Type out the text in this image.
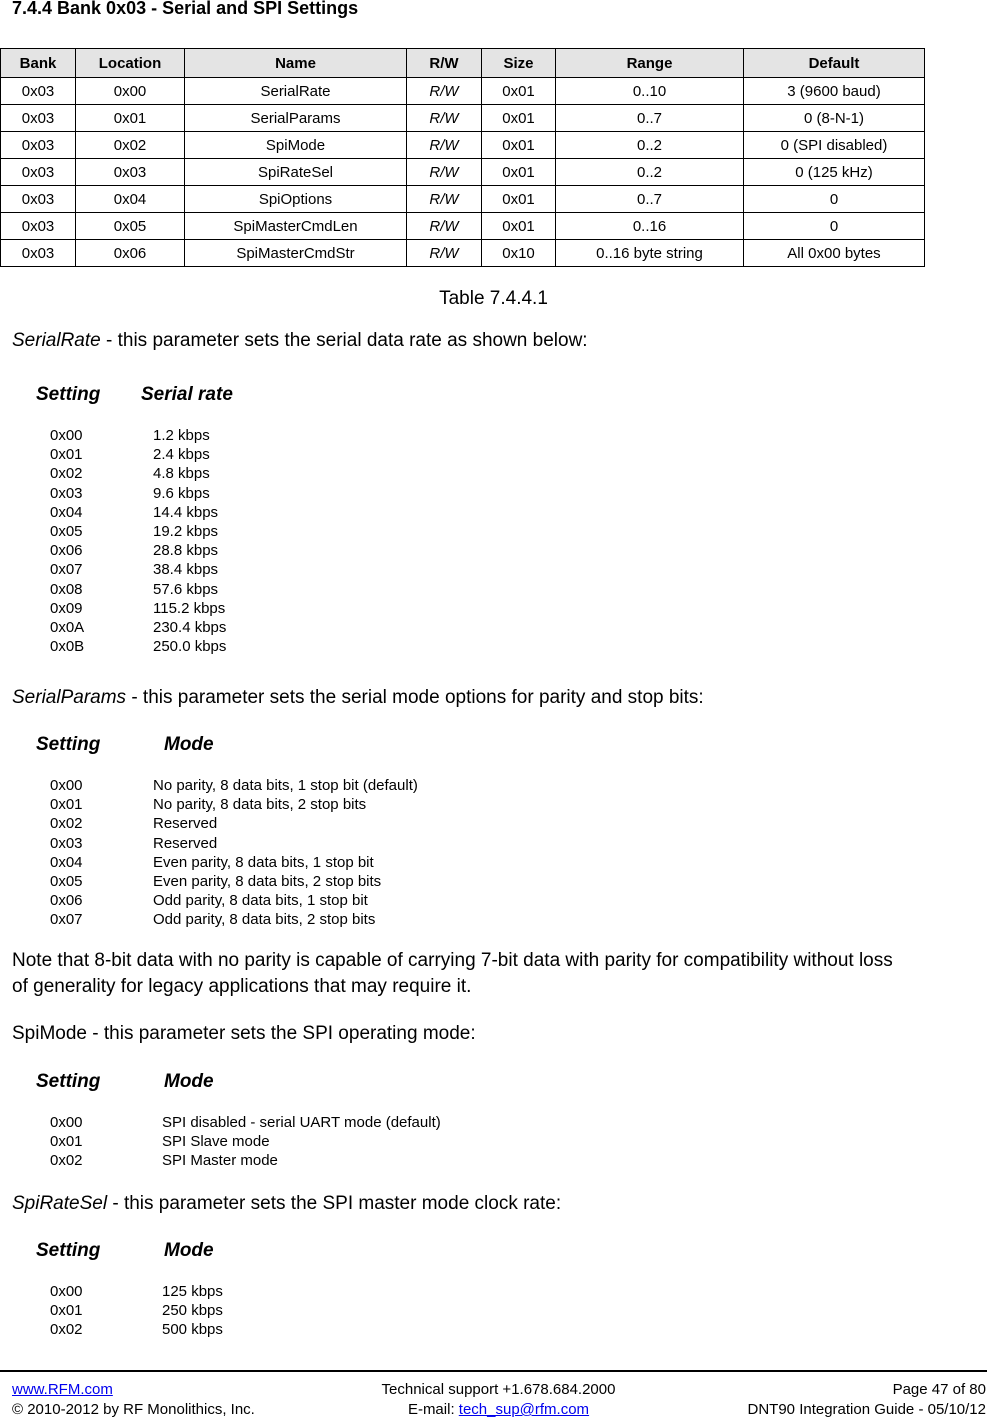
7.4.4 Bank 0x03 - Serial and SPI Settings
Bank	Location	Name	R/W	Size	Range	Default
0x03	0x00	SerialRate	R/W	0x01	0..10	3 (9600 baud)
0x03	0x01	SerialParams	R/W	0x01	0..7	0 (8-N-1)
0x03	0x02	SpiMode	R/W	0x01	0..2	0 (SPI disabled)
0x03	0x03	SpiRateSel	R/W	0x01	0..2	0 (125 kHz)
0x03	0x04	SpiOptions	R/W	0x01	0..7	0
0x03	0x05	SpiMasterCmdLen	R/W	0x01	0..16	0
0x03	0x06	SpiMasterCmdStr	R/W	0x10	0..16 byte string	All 0x00 bytes
Table 7.4.4.1
SerialRate - this parameter sets the serial data rate as shown below:
Setting Serial rate
0x00	1.2 kbps
0x01	2.4 kbps
0x02	4.8 kbps
0x03	9.6 kbps
0x04	14.4 kbps
0x05	19.2 kbps
0x06	28.8 kbps
0x07	38.4 kbps
0x08	57.6 kbps
0x09	115.2 kbps
0x0A	230.4 kbps
0x0B	250.0 kbps
SerialParams - this parameter sets the serial mode options for parity and stop bits:
Setting	Mode
0x00	No parity, 8 data bits, 1 stop bit (default)
0x01	No parity, 8 data bits, 2 stop bits
0x02	Reserved
0x03	Reserved
0x04	Even parity, 8 data bits, 1 stop bit
0x05	Even parity, 8 data bits, 2 stop bits
0x06	Odd parity, 8 data bits, 1 stop bit
0x07	Odd parity, 8 data bits, 2 stop bits
Note that 8-bit data with no parity is capable of carrying 7-bit data with parity for compatibility without loss
of generality for legacy applications that may require it.
SpiMode - this parameter sets the SPI operating mode:
Setting	Mode
0x00	SPI disabled - serial UART mode (default)
0x01	SPI Slave mode
0x02	SPI Master mode
SpiRateSel - this parameter sets the SPI master mode clock rate:
Setting	Mode
0x00	125 kbps
0x01	250 kbps
0x02	500 kbps
www.RFM.com
© 2010-2012 by RF Monolithics, Inc.
Technical support +1.678.684.2000
E-mail: tech_sup@rfm.com
Page 47 of 80
DNT90 Integration Guide - 05/10/12
